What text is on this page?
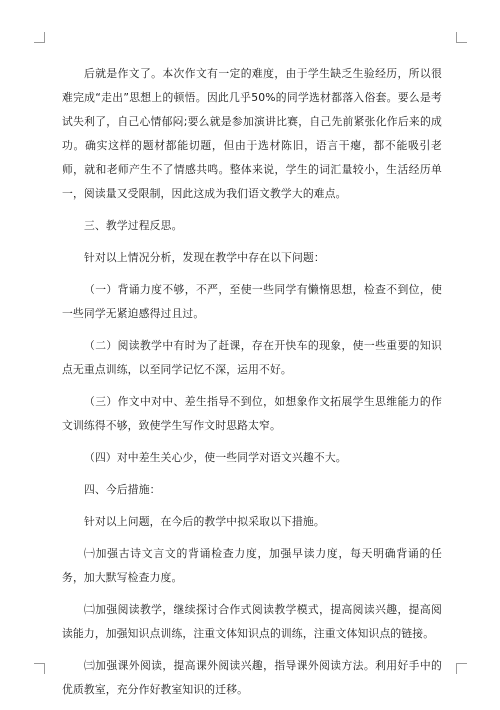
后就是作文了。本次作文有一定的难度，由于学生缺乏生验经历，所以很难完成“走出”思想上的顿悟。因此几乎50%的同学选材都落入俗套。要么是考试失利了，自己心情郁闷;要么就是参加演讲比赛，自己先前紧张化作后来的成功。确实这样的题材都能切题，但由于选材陈旧，语言干瘪，都不能吸引老师，就和老师产生不了情感共鸣。整体来说，学生的词汇量较小，生活经历单一，阅读量又受限制，因此这成为我们语文教学大的难点。

三、教学过程反思。

针对以上情况分析，发现在教学中存在以下问题：

（一）背诵力度不够，不严，至使一些同学有懒惰思想，检查不到位，使一些同学无紧迫感得过且过。

（二）阅读教学中有时为了赶课，存在开快车的现象，使一些重要的知识点无重点训练，以至同学记忆不深，运用不好。

（三）作文中对中、差生指导不到位，如想象作文拓展学生思维能力的作文训练得不够，致使学生写作文时思路太窄。

（四）对中差生关心少，使一些同学对语文兴趣不大。

四、今后措施：

针对以上问题，在今后的教学中拟采取以下措施。

㈠加强古诗文言文的背诵检查力度，加强早读力度，每天明确背诵的任务，加大默写检查力度。

㈡加强阅读教学，继续探讨合作式阅读教学模式，提高阅读兴趣，提高阅读能力，加强知识点训练，注重文体知识点的训练，注重文体知识点的链接。

㈢加强课外阅读，提高课外阅读兴趣，指导课外阅读方法。利用好手中的优质教室，充分作好教室知识的迁移。
